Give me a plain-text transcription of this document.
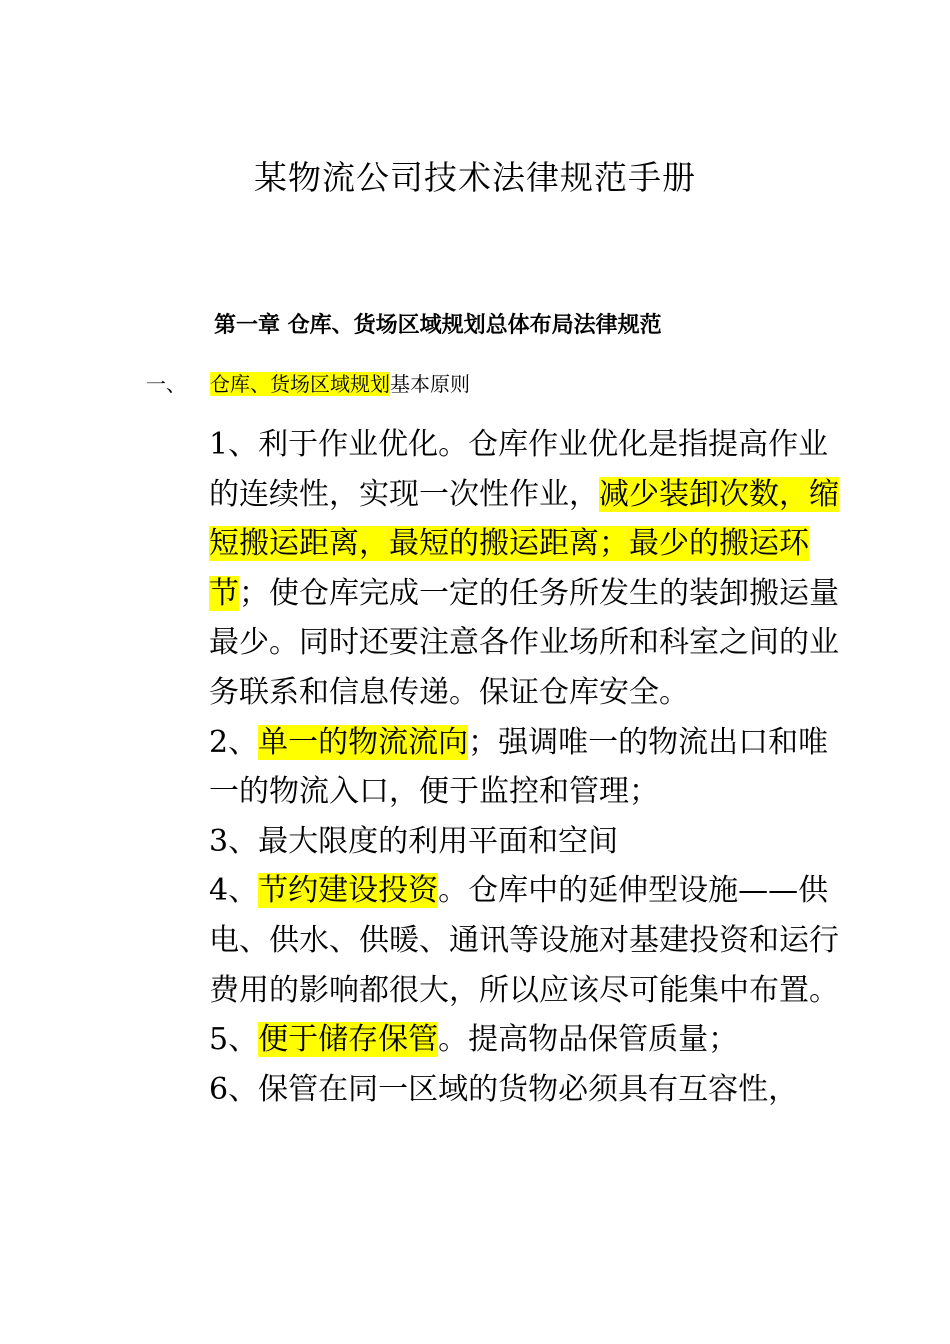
某物流公司技术法律规范手册
第一章 仓库、货场区域规划总体布局法律规范
一、 仓库、货场区域规划基本原则

1、利于作业优化。仓库作业优化是指提高作业的连续性，实现一次性作业，减少装卸次数，缩短搬运距离，最短的搬运距离；最少的搬运环节；使仓库完成一定的任务所发生的装卸搬运量最少。同时还要注意各作业场所和科室之间的业务联系和信息传递。保证仓库安全。

2、单一的物流流向；强调唯一的物流出口和唯一的物流入口，便于监控和管理；

3、最大限度的利用平面和空间

4、节约建设投资。仓库中的延伸型设施——供电、供水、供暖、通讯等设施对基建投资和运行费用的影响都很大，所以应该尽可能集中布置。

5、便于储存保管。提高物品保管质量；

6、保管在同一区域的货物必须具有互容性，
